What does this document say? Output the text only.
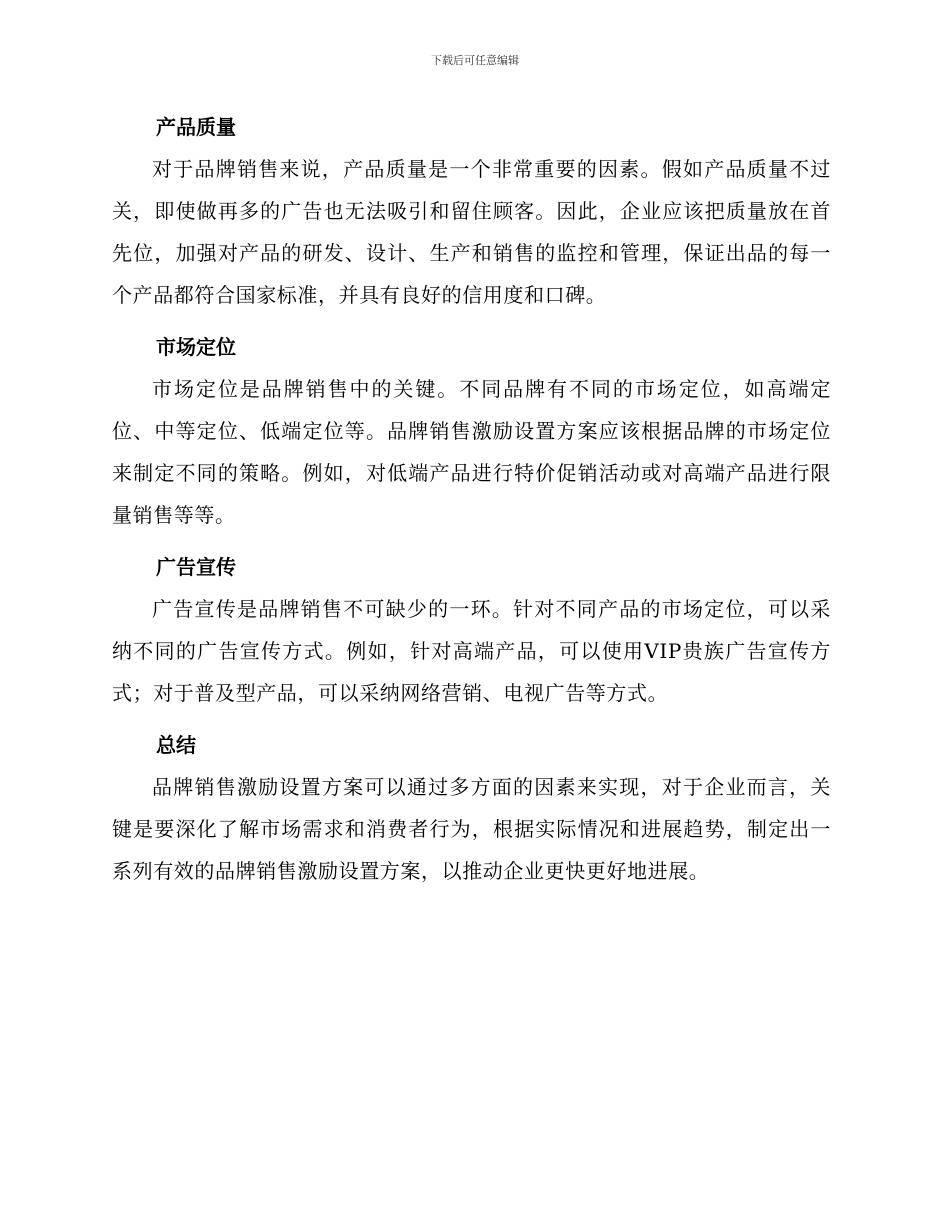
下载后可任意编辑
产品质量

对于品牌销售来说，产品质量是一个非常重要的因素。假如产品质量不过关，即使做再多的广告也无法吸引和留住顾客。因此，企业应该把质量放在首先位，加强对产品的研发、设计、生产和销售的监控和管理，保证出品的每一个产品都符合国家标准，并具有良好的信用度和口碑。

市场定位

市场定位是品牌销售中的关键。不同品牌有不同的市场定位，如高端定位、中等定位、低端定位等。品牌销售激励设置方案应该根据品牌的市场定位来制定不同的策略。例如，对低端产品进行特价促销活动或对高端产品进行限量销售等等。

广告宣传

广告宣传是品牌销售不可缺少的一环。针对不同产品的市场定位，可以采纳不同的广告宣传方式。例如，针对高端产品，可以使用VIP贵族广告宣传方式；对于普及型产品，可以采纳网络营销、电视广告等方式。

总结

品牌销售激励设置方案可以通过多方面的因素来实现，对于企业而言，关键是要深化了解市场需求和消费者行为，根据实际情况和进展趋势，制定出一系列有效的品牌销售激励设置方案，以推动企业更快更好地进展。
